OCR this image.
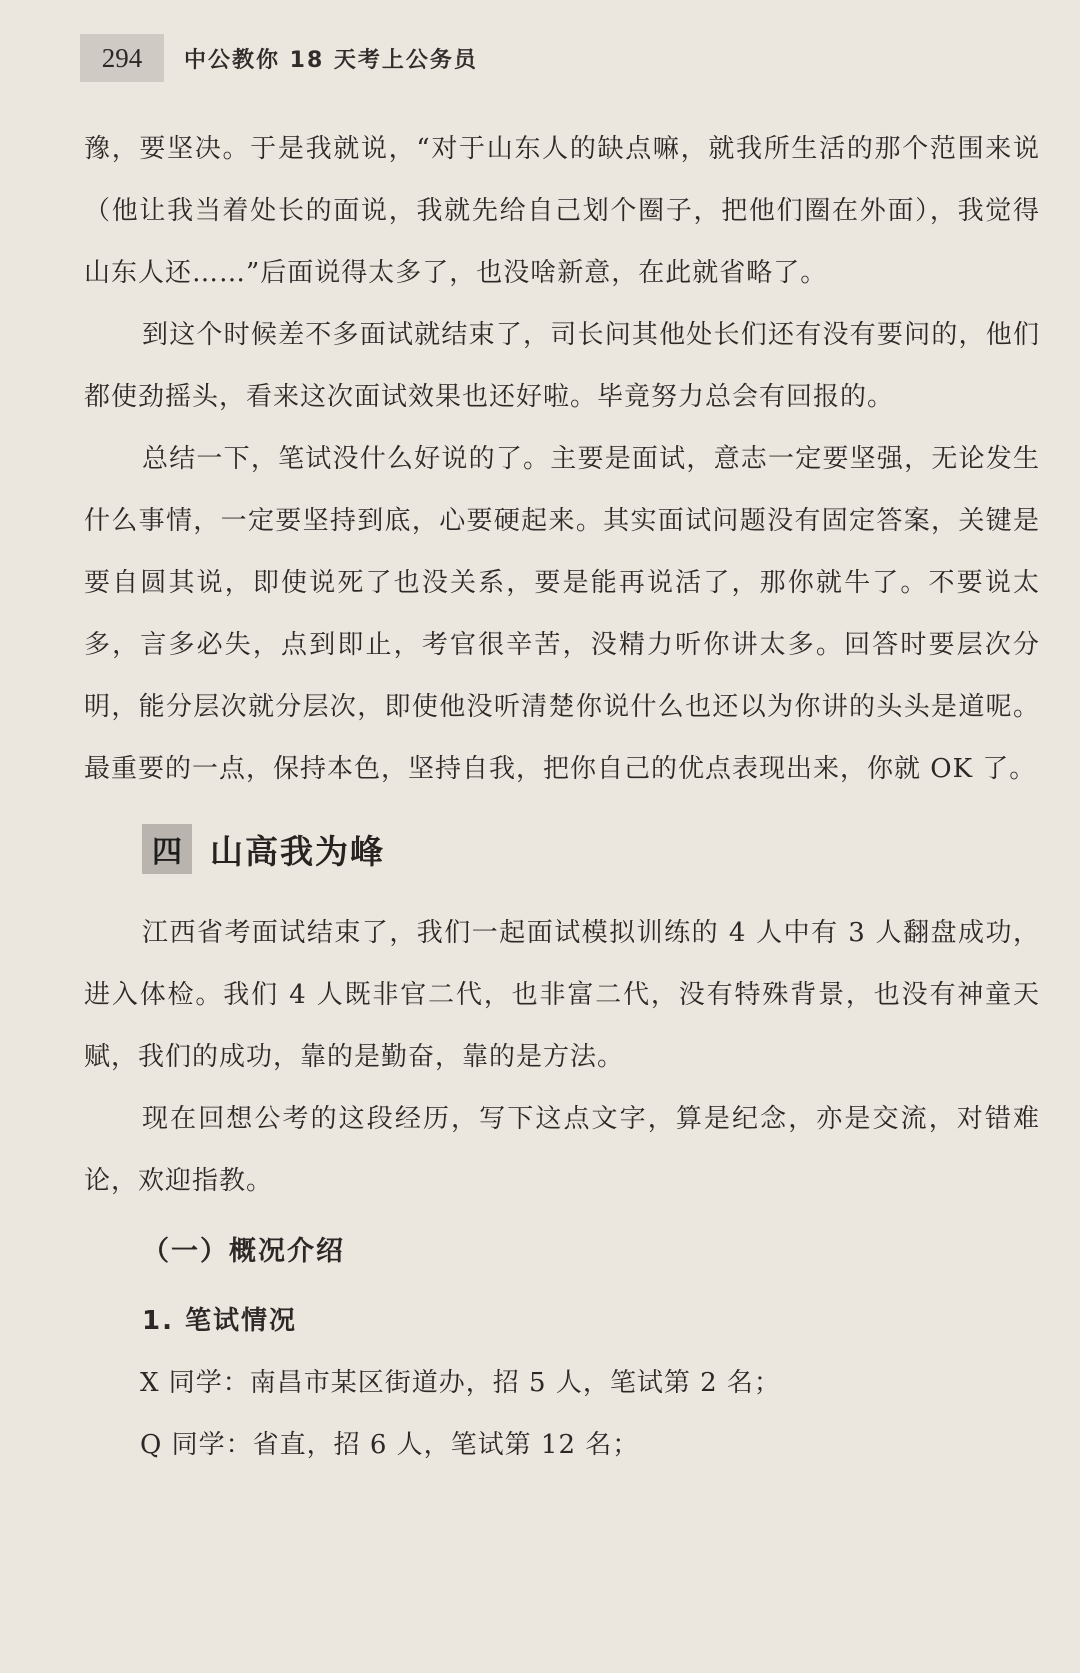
294	中公教你 18 天考上公务员

豫，要坚决。于是我就说，“对于山东人的缺点嘛，就我所生活的那个范围来说（他让我当着处长的面说，我就先给自己划个圈子，把他们圈在外面），我觉得山东人还……”后面说得太多了，也没啥新意，在此就省略了。

到这个时候差不多面试就结束了，司长问其他处长们还有没有要问的，他们都使劲摇头，看来这次面试效果也还好啦。毕竟努力总会有回报的。

总结一下，笔试没什么好说的了。主要是面试，意志一定要坚强，无论发生什么事情，一定要坚持到底，心要硬起来。其实面试问题没有固定答案，关键是要自圆其说，即使说死了也没关系，要是能再说活了，那你就牛了。不要说太多，言多必失，点到即止，考官很辛苦，没精力听你讲太多。回答时要层次分明，能分层次就分层次，即使他没听清楚你说什么也还以为你讲的头头是道呢。最重要的一点，保持本色，坚持自我，把你自己的优点表现出来，你就 OK 了。

四 山高我为峰

江西省考面试结束了，我们一起面试模拟训练的 4 人中有 3 人翻盘成功，进入体检。我们 4 人既非官二代，也非富二代，没有特殊背景，也没有神童天赋，我们的成功，靠的是勤奋，靠的是方法。

现在回想公考的这段经历，写下这点文字，算是纪念，亦是交流，对错难论，欢迎指教。

（一）概况介绍
1. 笔试情况
X 同学：南昌市某区街道办，招 5 人，笔试第 2 名；
Q 同学：省直，招 6 人，笔试第 12 名；
